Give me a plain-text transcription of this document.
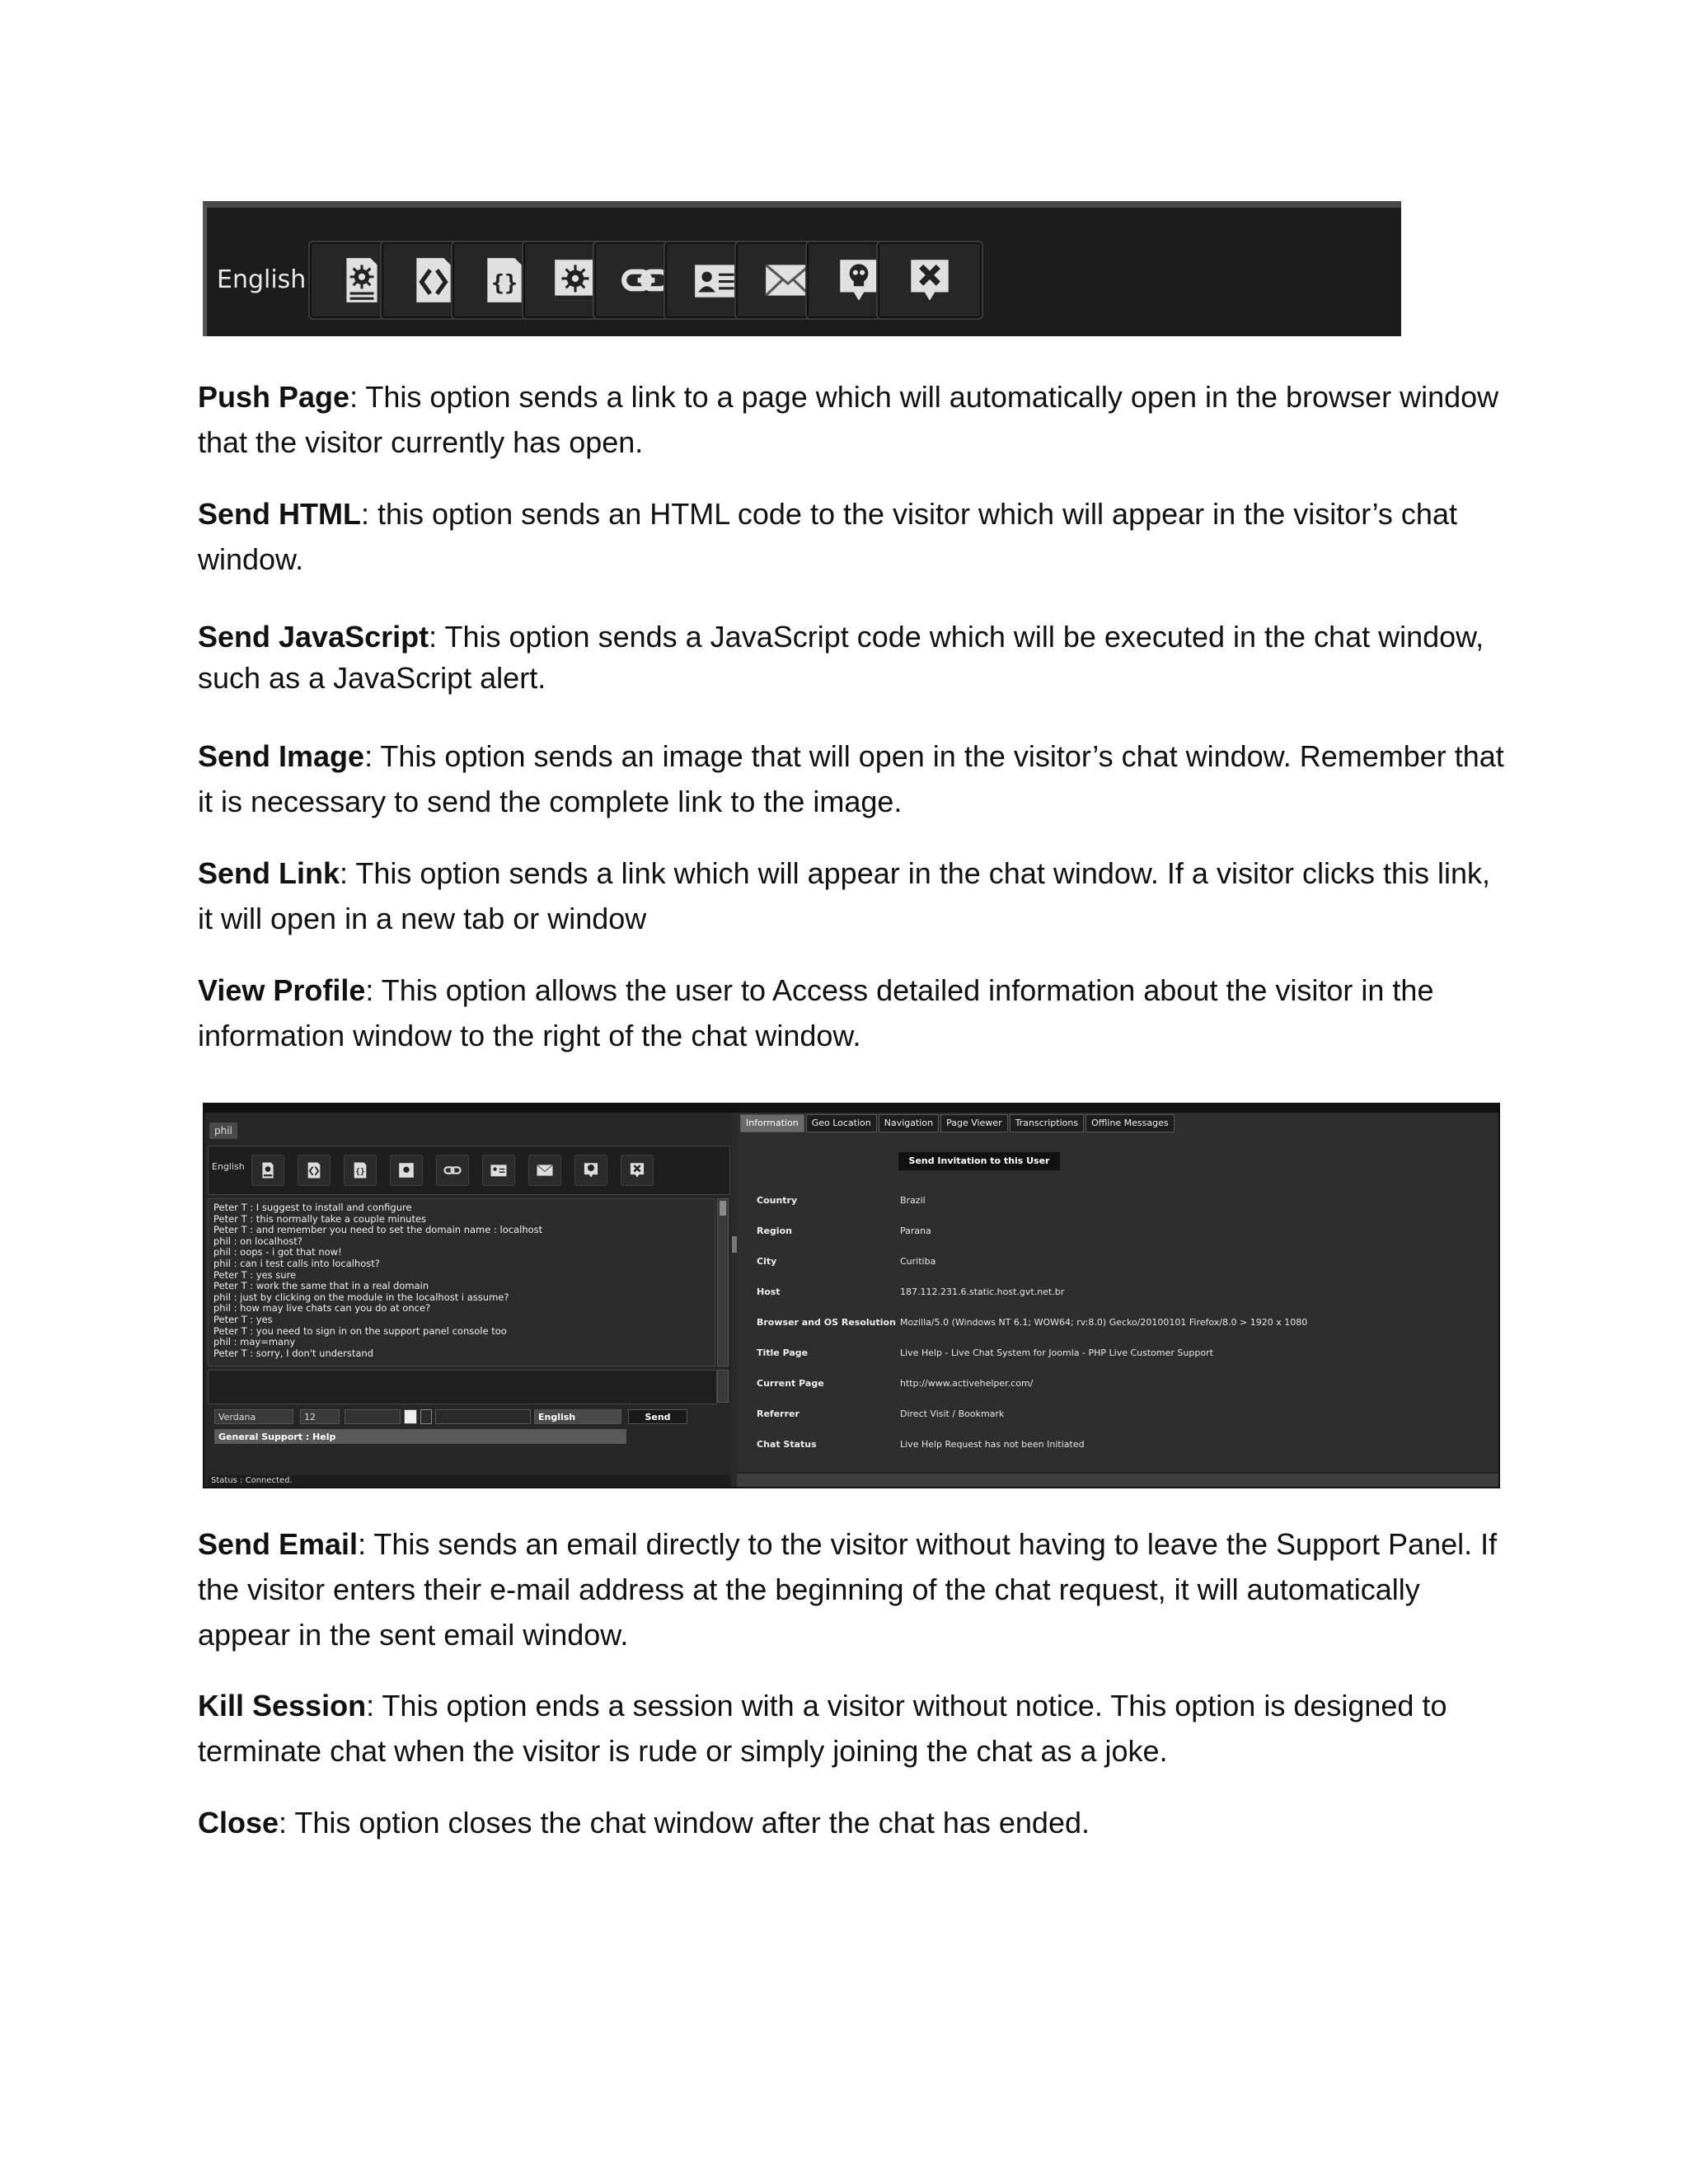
English	{}
Push Page: This option sends a link to a page which will automatically open in the browser window that the visitor currently has open.
Send HTML: this option sends an HTML code to the visitor which will appear in the visitor’s chat window.
Send JavaScript: This option sends a JavaScript code which will be executed in the chat window, such as a JavaScript alert.
Send Image: This option sends an image that will open in the visitor’s chat window. Remember that it is necessary to send the complete link to the image.
Send Link: This option sends a link which will appear in the chat window. If a visitor clicks this link, it will open in a new tab or window
View Profile: This option allows the user to Access detailed information about the visitor in the information window to the right of the chat window.
phil
English	{}
Peter T : I suggest to install and configure
Peter T : this normally take a couple minutes
Peter T : and remember you need to set the domain name : localhost
phil : on localhost?
phil : oops - i got that now!
phil : can i test calls into localhost?
Peter T : yes sure
Peter T : work the same that in a real domain
phil : just by clicking on the module in the localhost i assume?
phil : how may live chats can you do at once?
Peter T : yes
Peter T : you need to sign in on the support panel console too
phil : may=many
Peter T : sorry, I don't understand
Verdana	12	English	Send
General Support : Help
Status : Connected.
Information	Geo Location	Navigation	Page Viewer	Transcriptions	Offline Messages
Send Invitation to this User
Country	Brazil
Region	Parana
City	Curitiba
Host	187.112.231.6.static.host.gvt.net.br
Browser and OS Resolution Mozilla/5.0 (Windows NT 6.1; WOW64; rv:8.0) Gecko/20100101 Firefox/8.0 > 1920 x 1080
Title Page	Live Help - Live Chat System for Joomla - PHP Live Customer Support
Current Page	http://www.activehelper.com/
Referrer	Direct Visit / Bookmark
Chat Status	Live Help Request has not been Initiated
Send Email: This sends an email directly to the visitor without having to leave the Support Panel. If the visitor enters their e-mail address at the beginning of the chat request, it will automatically appear in the sent email window.
Kill Session: This option ends a session with a visitor without notice. This option is designed to terminate chat when the visitor is rude or simply joining the chat as a joke.
Close: This option closes the chat window after the chat has ended.
